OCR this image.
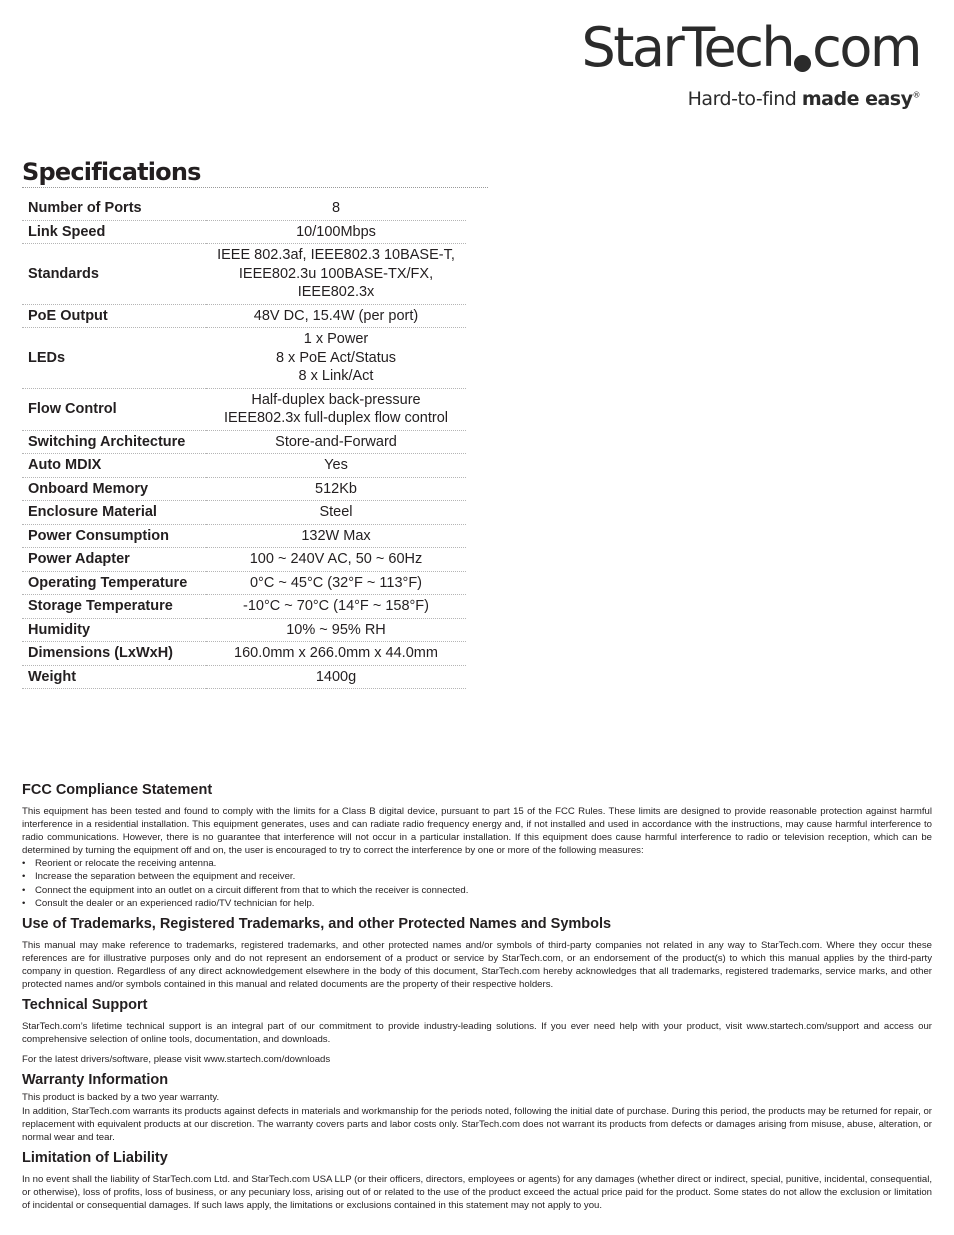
StarTech com
Hard-to-find made easy®
Specifications
Number of Ports	8

Link Speed	10/100Mbps

Standards	IEEE 802.3af, IEEE802.3 10BASE-T,
IEEE802.3u 100BASE-TX/FX, IEEE802.3x

PoE Output	48V DC, 15.4W (per port)

LEDs	1 x Power
8 x PoE Act/Status
8 x Link/Act

Flow Control	Half-duplex back-pressure
IEEE802.3x full-duplex flow control

Switching Architecture	Store-and-Forward

Auto MDIX	Yes

Onboard Memory	512Kb

Enclosure Material	Steel

Power Consumption	132W Max

Power Adapter	100 ~ 240V AC, 50 ~ 60Hz

Operating Temperature	0°C ~ 45°C (32°F ~ 113°F)

Storage Temperature	-10°C ~ 70°C (14°F ~ 158°F)

Humidity	10% ~ 95% RH

Dimensions (LxWxH)	160.0mm x 266.0mm x 44.0mm

Weight	1400g
FCC Compliance Statement

This equipment has been tested and found to comply with the limits for a Class B digital device, pursuant to part 15 of the FCC Rules. These limits are designed to provide reasonable protection against harmful interference in a residential installation. This equipment generates, uses and can radiate radio frequency energy and, if not installed and used in accordance with the instructions, may cause harmful interference to radio communications. However, there is no guarantee that interference will not occur in a particular installation. If this equipment does cause harmful interference to radio or television reception, which can be determined by turning the equipment off and on, the user is encouraged to try to correct the interference by one or more of the following measures:

• Reorient or relocate the receiving antenna.
• Increase the separation between the equipment and receiver.
• Connect the equipment into an outlet on a circuit different from that to which the receiver is connected.
• Consult the dealer or an experienced radio/TV technician for help.
Use of Trademarks, Registered Trademarks, and other Protected Names and Symbols

This manual may make reference to trademarks, registered trademarks, and other protected names and/or symbols of third-party companies not related in any way to StarTech.com. Where they occur these references are for illustrative purposes only and do not represent an endorsement of a product or service by StarTech.com, or an endorsement of the product(s) to which this manual applies by the third-party company in question. Regardless of any direct acknowledgement elsewhere in the body of this document, StarTech.com hereby acknowledges that all trademarks, registered trademarks, service marks, and other protected names and/or symbols contained in this manual and related documents are the property of their respective holders.

Technical Support

StarTech.com’s lifetime technical support is an integral part of our commitment to provide industry-leading solutions. If you ever need help with your product, visit www.startech.com/support and access our comprehensive selection of online tools, documentation, and downloads.

For the latest drivers/software, please visit www.startech.com/downloads

Warranty Information

This product is backed by a two year warranty.

In addition, StarTech.com warrants its products against defects in materials and workmanship for the periods noted, following the initial date of purchase. During this period, the products may be returned for repair, or replacement with equivalent products at our discretion. The warranty covers parts and labor costs only. StarTech.com does not warrant its products from defects or damages arising from misuse, abuse, alteration, or normal wear and tear.

Limitation of Liability

In no event shall the liability of StarTech.com Ltd. and StarTech.com USA LLP (or their officers, directors, employees or agents) for any damages (whether direct or indirect, special, punitive, incidental, consequential, or otherwise), loss of profits, loss of business, or any pecuniary loss, arising out of or related to the use of the product exceed the actual price paid for the product. Some states do not allow the exclusion or limitation of incidental or consequential damages. If such laws apply, the limitations or exclusions contained in this statement may not apply to you.
